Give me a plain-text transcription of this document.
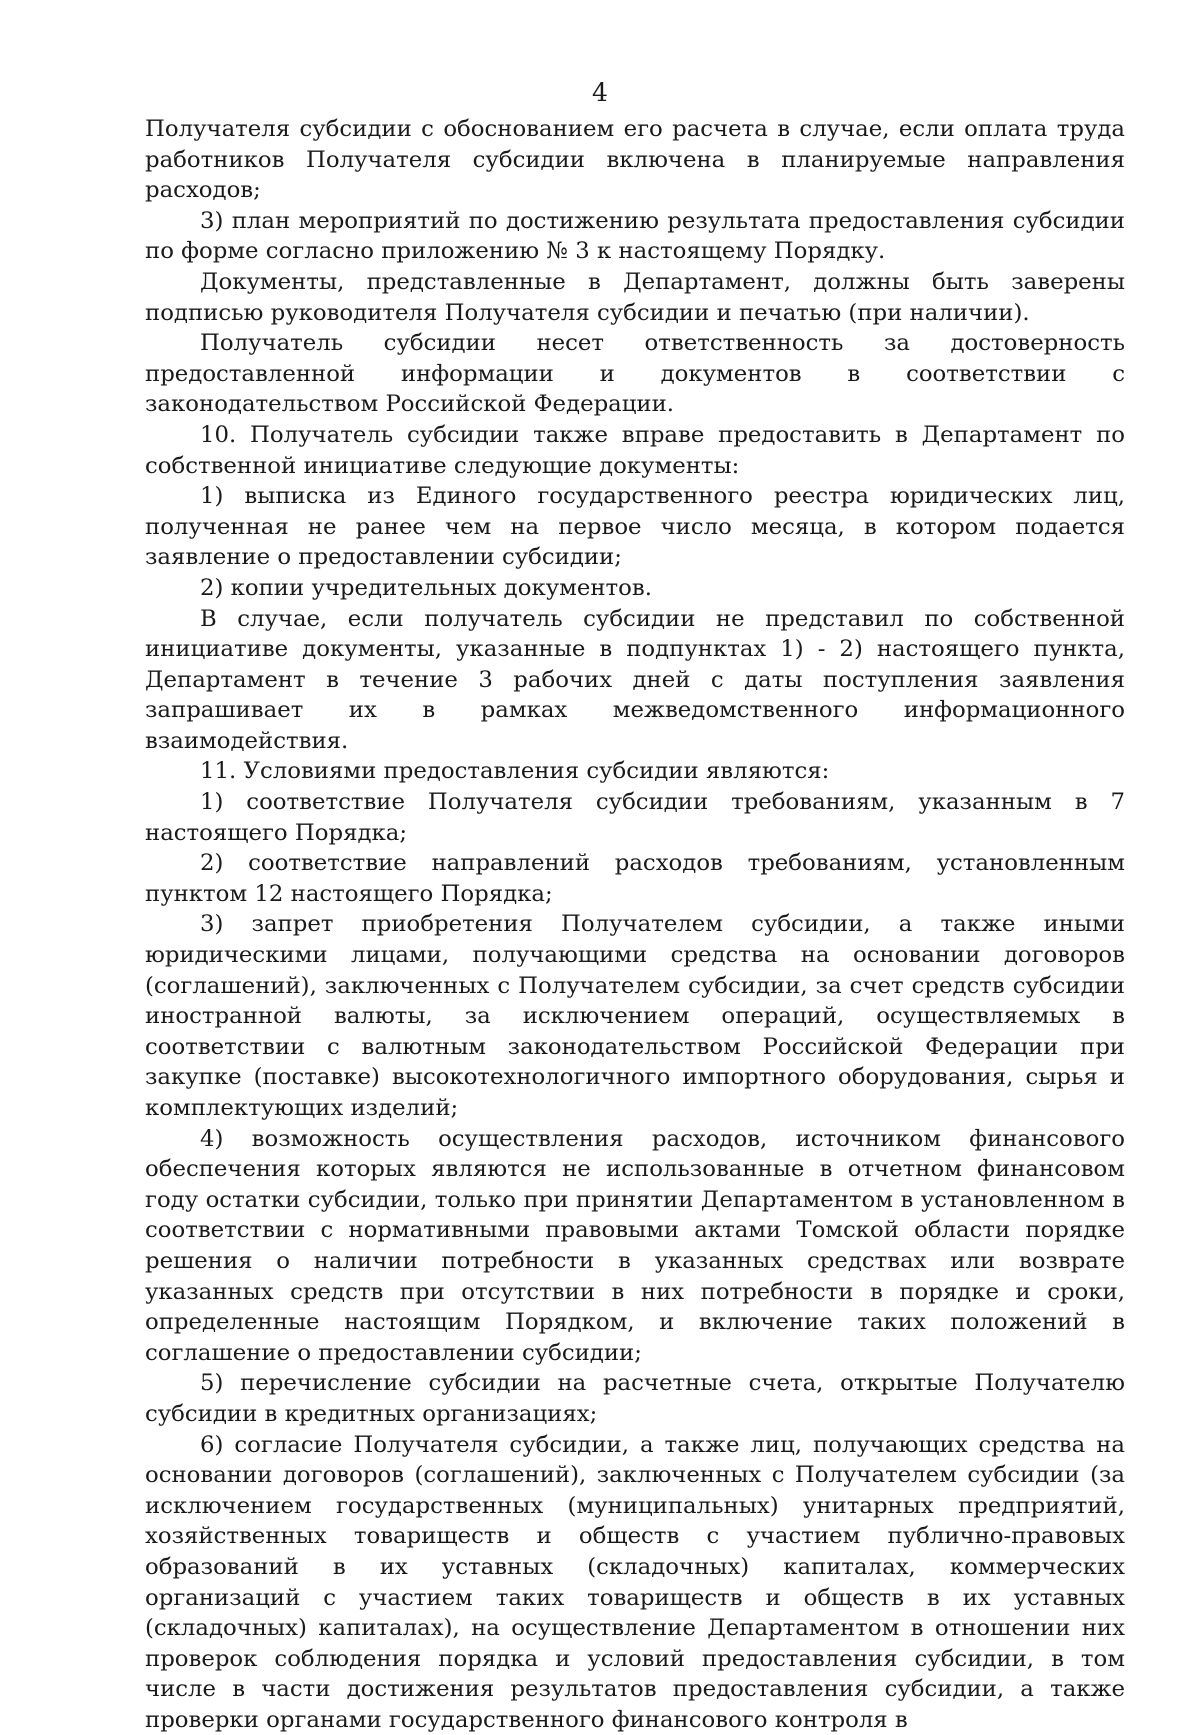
4

Получателя субсидии с обоснованием его расчета в случае, если оплата труда работников Получателя субсидии включена в планируемые направления расходов;

3) план мероприятий по достижению результата предоставления субсидии по форме согласно приложению № 3 к настоящему Порядку.

Документы, представленные в Департамент, должны быть заверены подписью руководителя Получателя субсидии и печатью (при наличии).

Получатель субсидии несет ответственность за достоверность предоставленной информации и документов в соответствии с законодательством Российской Федерации.

10. Получатель субсидии также вправе предоставить в Департамент по собственной инициативе следующие документы:

1) выписка из Единого государственного реестра юридических лиц, полученная не ранее чем на первое число месяца, в котором подается заявление о предоставлении субсидии;

2) копии учредительных документов.

В случае, если получатель субсидии не представил по собственной инициативе документы, указанные в подпунктах 1) - 2) настоящего пункта, Департамент в течение 3 рабочих дней с даты поступления заявления запрашивает их в рамках межведомственного информационного взаимодействия.

11. Условиями предоставления субсидии являются:

1) соответствие Получателя субсидии требованиям, указанным в 7 настоящего Порядка;

2) соответствие направлений расходов требованиям, установленным пунктом 12 настоящего Порядка;

3) запрет приобретения Получателем субсидии, а также иными юридическими лицами, получающими средства на основании договоров (соглашений), заключенных с Получателем субсидии, за счет средств субсидии иностранной валюты, за исключением операций, осуществляемых в соответствии с валютным законодательством Российской Федерации при закупке (поставке) высокотехнологичного импортного оборудования, сырья и комплектующих изделий;

4) возможность осуществления расходов, источником финансового обеспечения которых являются не использованные в отчетном финансовом году остатки субсидии, только при принятии Департаментом в установленном в соответствии с нормативными правовыми актами Томской области порядке решения о наличии потребности в указанных средствах или возврате указанных средств при отсутствии в них потребности в порядке и сроки, определенные настоящим Порядком, и включение таких положений в соглашение о предоставлении субсидии;

5) перечисление субсидии на расчетные счета, открытые Получателю субсидии в кредитных организациях;

6) согласие Получателя субсидии, а также лиц, получающих средства на основании договоров (соглашений), заключенных с Получателем субсидии (за исключением государственных (муниципальных) унитарных предприятий, хозяйственных товариществ и обществ с участием публично-правовых образований в их уставных (складочных) капиталах, коммерческих организаций с участием таких товариществ и обществ в их уставных (складочных) капиталах), на осуществление Департаментом в отношении них проверок соблюдения порядка и условий предоставления субсидии, в том числе в части достижения результатов предоставления субсидии, а также проверки органами государственного финансового контроля в
